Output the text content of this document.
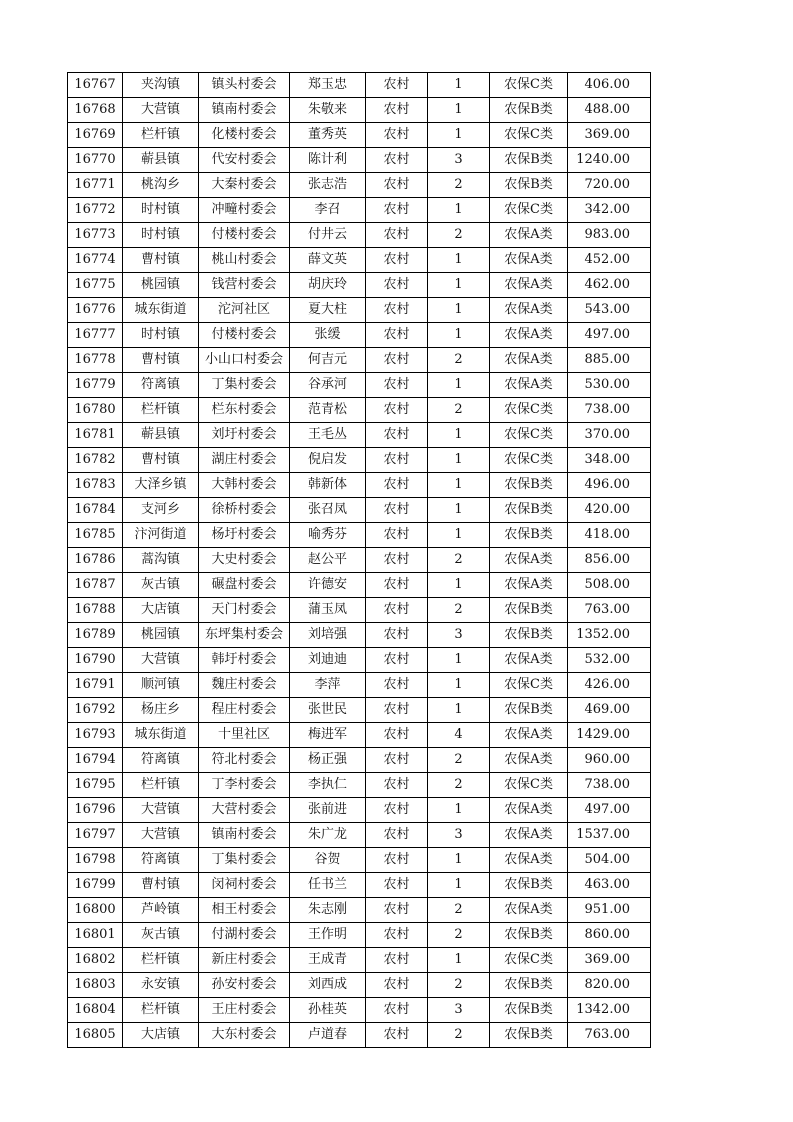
16767	夹沟镇	镇头村委会	郑玉忠	农村	1	农保C类	406.00
16768	大营镇	镇南村委会	朱敬来	农村	1	农保B类	488.00
16769	栏杆镇	化楼村委会	董秀英	农村	1	农保C类	369.00
16770	蕲县镇	代安村委会	陈计利	农村	3	农保B类	1240.00
16771	桃沟乡	大秦村委会	张志浩	农村	2	农保B类	720.00
16772	时村镇	冲疃村委会	李召	农村	1	农保C类	342.00
16773	时村镇	付楼村委会	付井云	农村	2	农保A类	983.00
16774	曹村镇	桃山村委会	薛文英	农村	1	农保A类	452.00
16775	桃园镇	钱营村委会	胡庆玲	农村	1	农保A类	462.00
16776	城东街道	沱河社区	夏大柱	农村	1	农保A类	543.00
16777	时村镇	付楼村委会	张缓	农村	1	农保A类	497.00
16778	曹村镇	小山口村委会	何吉元	农村	2	农保A类	885.00
16779	符离镇	丁集村委会	谷承河	农村	1	农保A类	530.00
16780	栏杆镇	栏东村委会	范青松	农村	2	农保C类	738.00
16781	蕲县镇	刘圩村委会	王毛丛	农村	1	农保C类	370.00
16782	曹村镇	湖庄村委会	倪启发	农村	1	农保C类	348.00
16783	大泽乡镇	大韩村委会	韩新体	农村	1	农保B类	496.00
16784	支河乡	徐桥村委会	张召凤	农村	1	农保B类	420.00
16785	汴河街道	杨圩村委会	喻秀芬	农村	1	农保B类	418.00
16786	蒿沟镇	大史村委会	赵公平	农村	2	农保A类	856.00
16787	灰古镇	碾盘村委会	许德安	农村	1	农保A类	508.00
16788	大店镇	天门村委会	蒲玉凤	农村	2	农保B类	763.00
16789	桃园镇	东坪集村委会	刘培强	农村	3	农保B类	1352.00
16790	大营镇	韩圩村委会	刘迪迪	农村	1	农保A类	532.00
16791	顺河镇	魏庄村委会	李萍	农村	1	农保C类	426.00
16792	杨庄乡	程庄村委会	张世民	农村	1	农保B类	469.00
16793	城东街道	十里社区	梅进军	农村	4	农保A类	1429.00
16794	符离镇	符北村委会	杨正强	农村	2	农保A类	960.00
16795	栏杆镇	丁李村委会	李执仁	农村	2	农保C类	738.00
16796	大营镇	大营村委会	张前进	农村	1	农保A类	497.00
16797	大营镇	镇南村委会	朱广龙	农村	3	农保A类	1537.00
16798	符离镇	丁集村委会	谷贺	农村	1	农保A类	504.00
16799	曹村镇	闵祠村委会	任书兰	农村	1	农保B类	463.00
16800	芦岭镇	相王村委会	朱志刚	农村	2	农保A类	951.00
16801	灰古镇	付湖村委会	王作明	农村	2	农保B类	860.00
16802	栏杆镇	新庄村委会	王成青	农村	1	农保C类	369.00
16803	永安镇	孙安村委会	刘西成	农村	2	农保B类	820.00
16804	栏杆镇	王庄村委会	孙桂英	农村	3	农保B类	1342.00
16805	大店镇	大东村委会	卢道春	农村	2	农保B类	763.00
